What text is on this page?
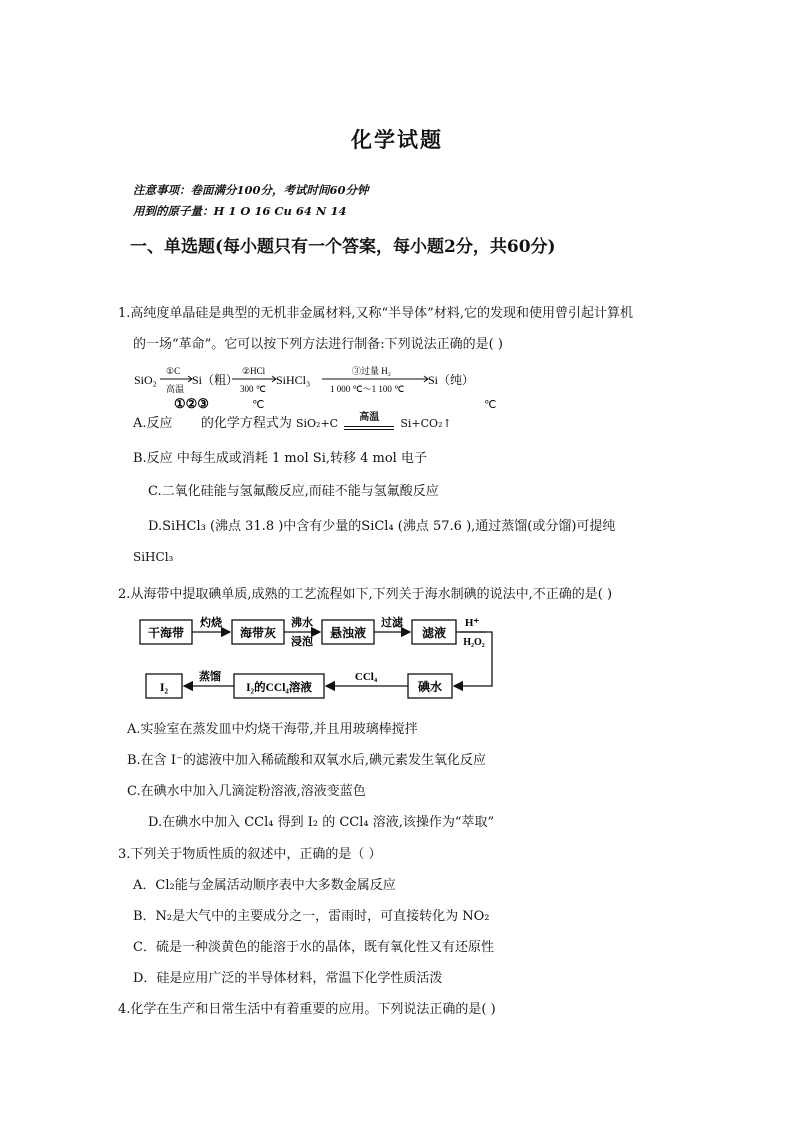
化学试题
注意事项：卷面满分100分，考试时间60分钟
用到的原子量：H 1 O 16 Cu 64 N 14
一、单选题(每小题只有一个答案，每小题2分，共60分)
1.高纯度单晶硅是典型的无机非金属材料,又称“半导体”材料,它的发现和使用曾引起计算机
的一场“革命”。它可以按下列方法进行制备:下列说法正确的是( )
SiO₂
①C
高温
Si（粗）
②HCl
300 ℃
SiHCl₃
③过量 H₂
1 000 ℃～1 100 ℃
Si（纯）
①②③	℃	℃
A.反应 的化学方程式为 SiO₂+C $^{高温}$ Si+CO₂↑
B.反应 中每生成或消耗 1 mol Si,转移 4 mol 电子
C.二氧化硅能与氢氟酸反应,而硅不能与氢氟酸反应
D.SiHCl₃ (沸点 31.8 )中含有少量的SiCl₄ (沸点 57.6 ),通过蒸馏(或分馏)可提纯
SiHCl₃
2.从海带中提取碘单质,成熟的工艺流程如下,下列关于海水制碘的说法中,不正确的是( )
干海带
灼烧
海带灰
沸水
浸泡
悬浊液
过滤
滤液
H⁺
H₂O₂
碘水
CCl₄
I₂的CCl₄溶液
蒸馏
I₂
A.实验室在蒸发皿中灼烧干海带,并且用玻璃棒搅拌
B.在含 I⁻的滤液中加入稀硫酸和双氧水后,碘元素发生氧化反应
C.在碘水中加入几滴淀粉溶液,溶液变蓝色
D.在碘水中加入 CCl₄ 得到 I₂ 的 CCl₄ 溶液,该操作为“萃取”
3.下列关于物质性质的叙述中，正确的是（ ）
A．Cl₂能与金属活动顺序表中大多数金属反应
B．N₂是大气中的主要成分之一，雷雨时，可直接转化为 NO₂
C．硫是一种淡黄色的能溶于水的晶体，既有氧化性又有还原性
D．硅是应用广泛的半导体材料，常温下化学性质活泼
4.化学在生产和日常生活中有着重要的应用。下列说法正确的是( )
